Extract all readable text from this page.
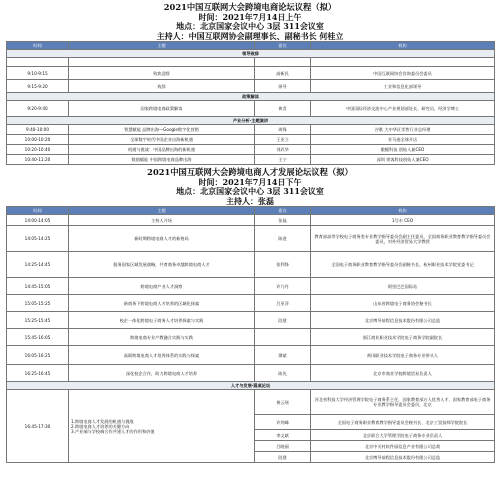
2021中国互联网大会跨境电商论坛议程（拟）
时间：2021年7月14日上午
地点：北京国家会议中心 3层 311会议室
主持人：中国互联网协会副理事长、副秘书长 何桂立
时间	主题	嘉宾	机构
领导致辞			

9:10-9:15	致欢迎辞	高新民	中国互联网协会咨询委员会委员
9:15-9:20	致辞	领导	工业和信息化部领导
政策解读			
9:20-9:40	国家跨境电商政策解读	黄青	中国国际经济交流中心产业规划部处长、研究员，经济学博士
产业分析·主题演讲			
9:40-10:00	智慧赋能 品牌出海—Google数字化营销	周锋	谷歌 大中华区零售行业总经理
10:00-10:20	全球数字时代中国企业出海新机遇	王亚立	亚马逊全球开店
10:20-10:40	机遇与挑战：中国品牌出海的新机遇	刘武华	傲鲲科技 创始人兼CEO
10:40-11:20	数据赋能 中国跨境电商品牌出海	王宁	深圳 领客科技创始人兼CEO
2021中国互联网大会跨境电商人才发展论坛议程（拟）
时间：2021年7月14日下午
地点：北京国家会议中心 3层 311会议室
主持人：张磊
时间	主题	嘉宾	机构
14:00-14:05	主持人开场	张磊	1号车 CEO
14:05-14:25	新时期跨境电商人才的新格局	陈进	教育部高等学校电子商务类专业教学指导委员会副主任委员，全国商务职业教育教学指导委员会委员，对外经济贸易大学教授
14:25-14:45	服务国家区域发展战略，共育商务卓越跨境电商人才	张利锋	全国电子商务职业教育教学指导委员会副秘书长，杭州职业技术学院党委书记
14:45-15:05	跨境电商产业人才洞察	许乃丹	阿里巴巴国际站
15:05-15:25	新商务下跨境电商人才培养的区域化探索	吕亚萍	山东省跨境电子商务协会秘书长
15:25-15:45	校企一体化跨境电子商务人才培养探索与实践	段建	北京博导前程信息技术股份有限公司总监
15:45-16:05	跨境电商专业产教融合实践与实践		浙江商业职业技术学院电子商务学院副院长
16:05-16:25	高职跨境电商人才培养体系的实践与探索	谭斌	黄冈职业技术学院电子商务专业带头人
16:25-16:45	深化校企合作，助力跨境电商人才培养	陈先	北京市商业学校跨境贸易负责人
人才与发展·圆桌论坛			
16:45-17:30	1.跨境电商人才发展的机遇与挑战
2.跨境电商人才培养的关键方向
3.产业端与学校端合作共建人才的作用和价值	黄云瑶	河北省科技大学经济管理学院电子商务系主任，国家教育部万人优秀人才，国家教育部电子商务专业教学指导委员会委员，北京
		许剑峰	全国电子商务职业教育教学指导委员会秘书长、北京工贸技师学院院长
		李文斌	北京联合大学管理学院电子商务专业负责人
		吕晓丽	北京中关村软件园信息产业有限公司总裁
		段建	北京博导前程信息技术股份有限公司总监
